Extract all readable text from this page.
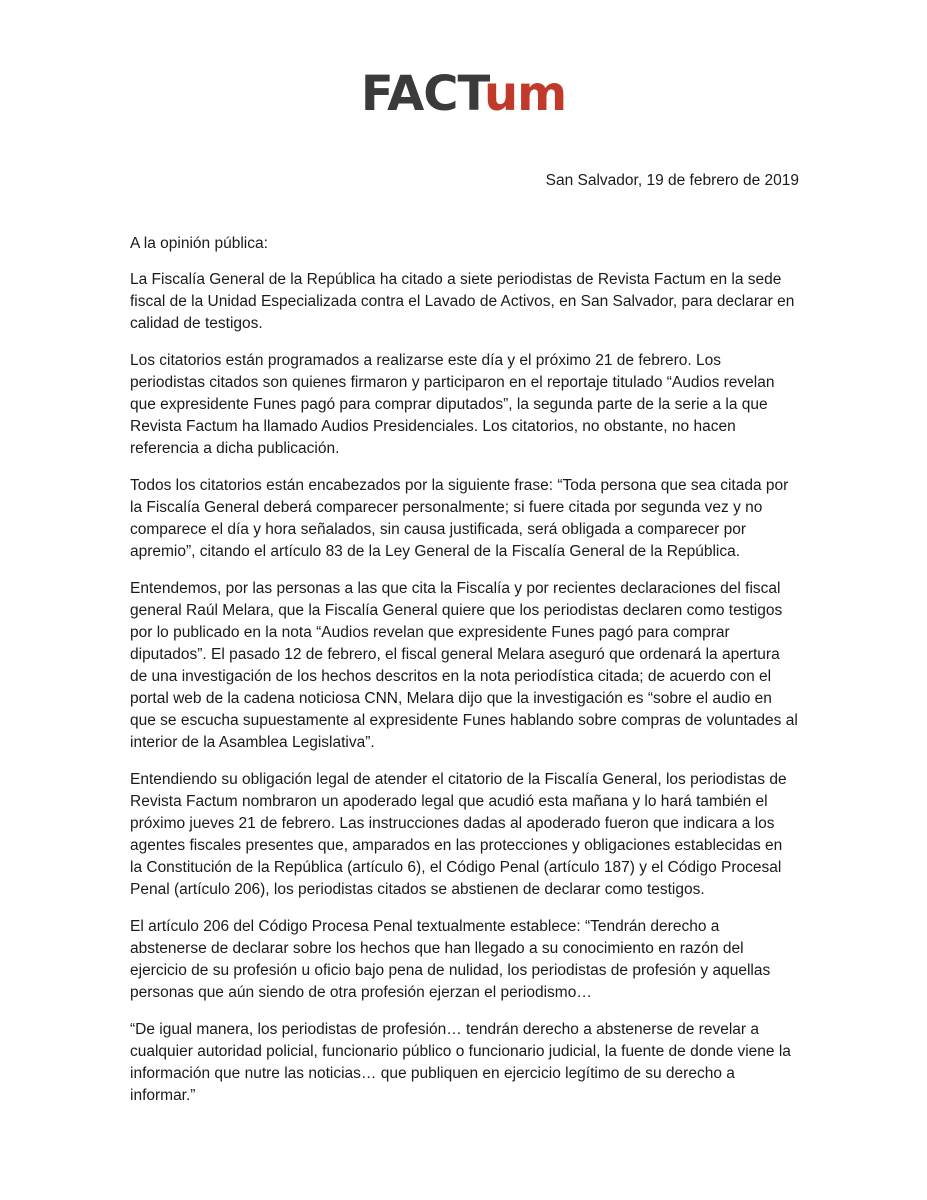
FACTum
San Salvador, 19 de febrero de 2019

A la opinión pública:

La Fiscalía General de la República ha citado a siete periodistas de Revista Factum en la sede fiscal de la Unidad Especializada contra el Lavado de Activos, en San Salvador, para declarar en calidad de testigos.

Los citatorios están programados a realizarse este día y el próximo 21 de febrero. Los periodistas citados son quienes firmaron y participaron en el reportaje titulado “Audios revelan que expresidente Funes pagó para comprar diputados”, la segunda parte de la serie a la que Revista Factum ha llamado Audios Presidenciales. Los citatorios, no obstante, no hacen referencia a dicha publicación.

Todos los citatorios están encabezados por la siguiente frase: “Toda persona que sea citada por la Fiscalía General deberá comparecer personalmente; si fuere citada por segunda vez y no comparece el día y hora señalados, sin causa justificada, será obligada a comparecer por apremio”, citando el artículo 83 de la Ley General de la Fiscalía General de la República.

Entendemos, por las personas a las que cita la Fiscalía y por recientes declaraciones del fiscal general Raúl Melara, que la Fiscalía General quiere que los periodistas declaren como testigos por lo publicado en la nota “Audios revelan que expresidente Funes pagó para comprar diputados”. El pasado 12 de febrero, el fiscal general Melara aseguró que ordenará la apertura de una investigación de los hechos descritos en la nota periodística citada; de acuerdo con el portal web de la cadena noticiosa CNN, Melara dijo que la investigación es “sobre el audio en que se escucha supuestamente al expresidente Funes hablando sobre compras de voluntades al interior de la Asamblea Legislativa”.

Entendiendo su obligación legal de atender el citatorio de la Fiscalía General, los periodistas de Revista Factum nombraron un apoderado legal que acudió esta mañana y lo hará también el próximo jueves 21 de febrero. Las instrucciones dadas al apoderado fueron que indicara a los agentes fiscales presentes que, amparados en las protecciones y obligaciones establecidas en la Constitución de la República (artículo 6), el Código Penal (artículo 187) y el Código Procesal Penal (artículo 206), los periodistas citados se abstienen de declarar como testigos.

El artículo 206 del Código Procesa Penal textualmente establece: “Tendrán derecho a abstenerse de declarar sobre los hechos que han llegado a su conocimiento en razón del ejercicio de su profesión u oficio bajo pena de nulidad, los periodistas de profesión y aquellas personas que aún siendo de otra profesión ejerzan el periodismo…

“De igual manera, los periodistas de profesión… tendrán derecho a abstenerse de revelar a cualquier autoridad policial, funcionario público o funcionario judicial, la fuente de donde viene la información que nutre las noticias… que publiquen en ejercicio legítimo de su derecho a informar.”
